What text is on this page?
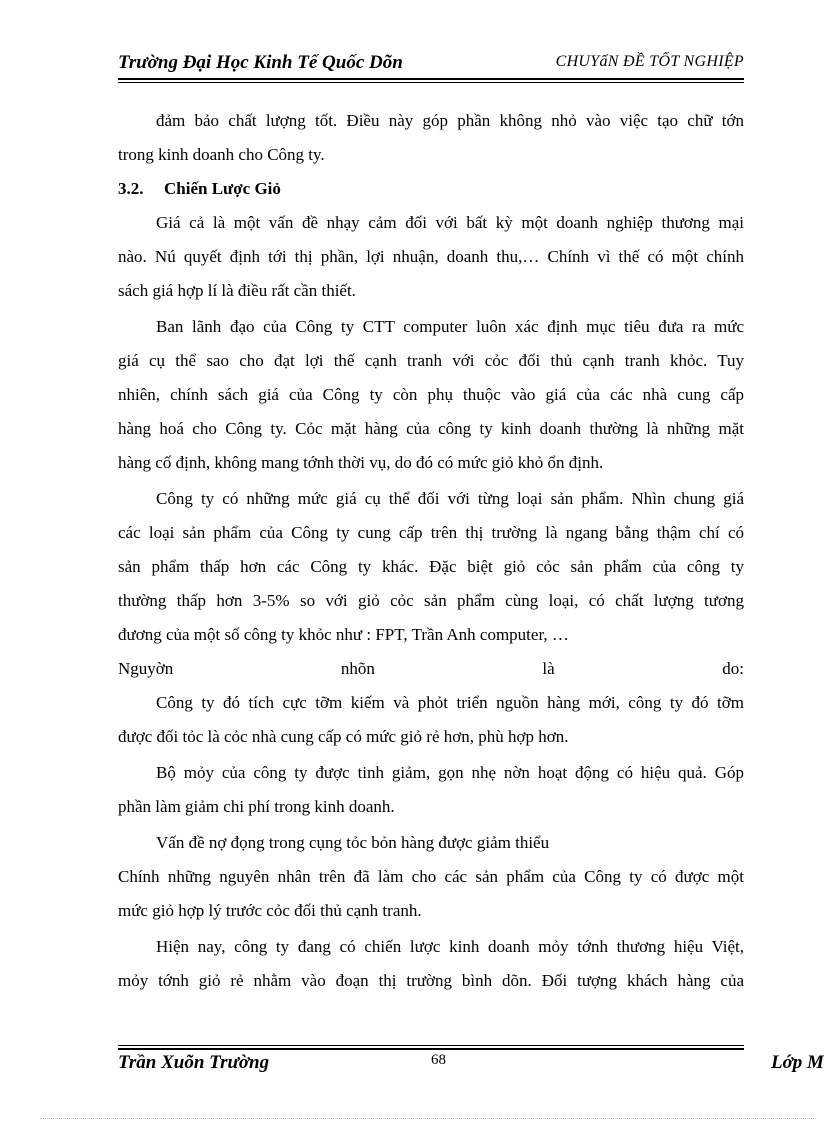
Trường Đại Học Kinh Tế Quốc Dõn	CHUYấN ĐỀ TỐT NGHIỆP
đảm bảo chất lượng tốt. Điều này góp phần không nhỏ vào việc tạo chữ tớn
trong kinh doanh cho Công ty.
3.2. Chiến Lược Giỏ
Giá cả là một vấn đề nhạy cảm đối với bất kỳ một doanh nghiệp thương mại
nào. Nú quyết định tới thị phần, lợi nhuận, doanh thu,… Chính vì thế có một chính
sách giá hợp lí là điều rất cần thiết.
Ban lãnh đạo của Công ty CTT computer luôn xác định mục tiêu đưa ra mức
giá cụ thể sao cho đạt lợi thế cạnh tranh với cỏc đối thủ cạnh tranh khỏc. Tuy
nhiên, chính sách giá của Công ty còn phụ thuộc vào giá của các nhà cung cấp
hàng hoá cho Công ty. Cỏc mặt hàng của công ty kinh doanh thường là những mặt
hàng cố định, không mang tớnh thời vụ, do đó có mức giỏ khỏ ổn định.
Công ty có những mức giá cụ thể đối với từng loại sản phẩm. Nhìn chung giá
các loại sản phẩm của Công ty cung cấp trên thị trường là ngang bằng thậm chí có
sản phẩm thấp hơn các Công ty khác. Đặc biệt giỏ cỏc sản phẩm của công ty
thường thấp hơn 3-5% so với giỏ cỏc sản phẩm cùng loại, có chất lượng tương
đương của một số công ty khỏc như : FPT, Trần Anh computer, …
Nguyờn nhõn là do:
Công ty đó tích cực tỡm kiếm và phỏt triển nguồn hàng mới, công ty đó tỡm
được đối tỏc là cỏc nhà cung cấp có mức giỏ rẻ hơn, phù hợp hơn.
Bộ mỏy của công ty được tinh giảm, gọn nhẹ nờn hoạt động có hiệu quả. Góp
phần làm giảm chi phí trong kinh doanh.
Vấn đề nợ đọng trong cụng tỏc bỏn hàng được giảm thiểu
Chính những nguyên nhân trên đã làm cho các sản phẩm của Công ty có được một
mức giỏ hợp lý trước cỏc đối thủ cạnh tranh.
Hiện nay, công ty đang có chiến lược kinh doanh mỏy tớnh thương hiệu Việt,
mỏy tớnh giỏ rẻ nhằm vào đoạn thị trường bình dõn. Đối tượng khách hàng của
Trần Xuõn Trường	68	Lớp M
